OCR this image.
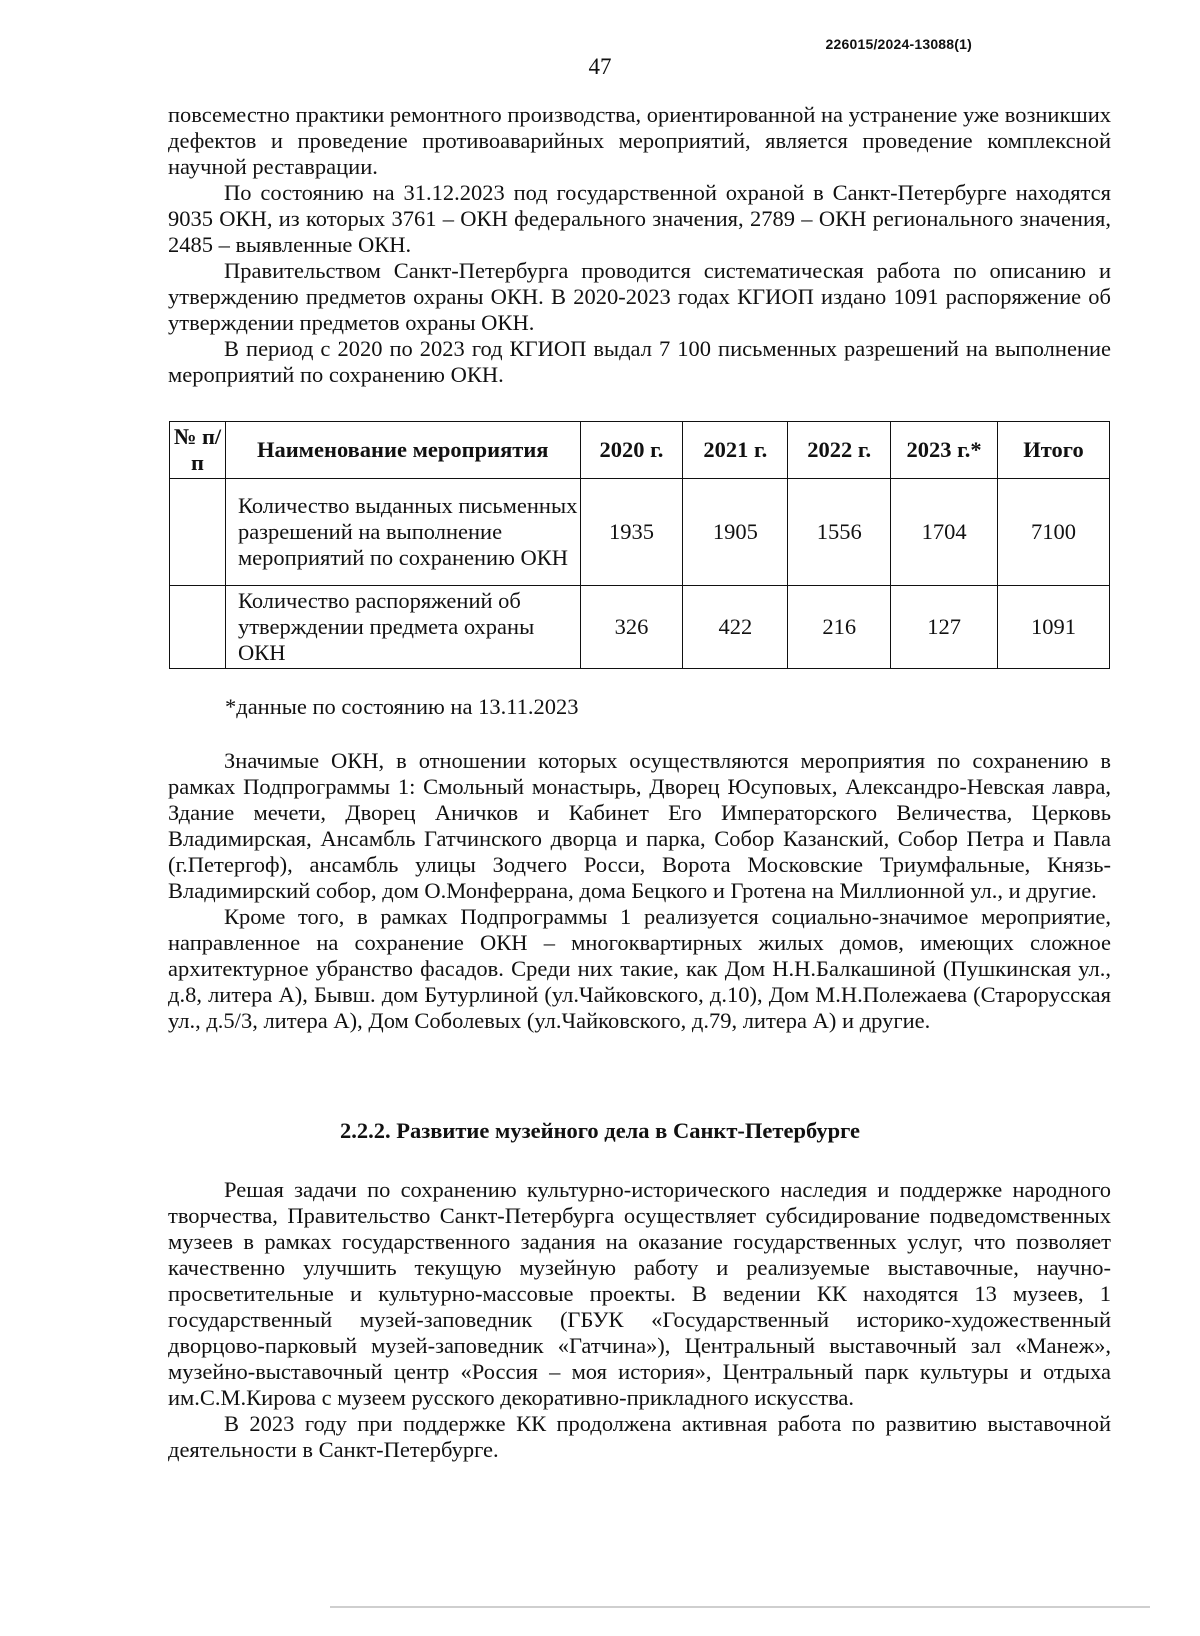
226015/2024-13088(1)
47

повсеместно практики ремонтного производства, ориентированной на устранение уже возникших дефектов и проведение противоаварийных мероприятий, является проведение комплексной научной реставрации.

По состоянию на 31.12.2023 под государственной охраной в Санкт-Петербурге находятся 9035 ОКН, из которых 3761 – ОКН федерального значения, 2789 – ОКН регионального значения, 2485 – выявленные ОКН.

Правительством Санкт-Петербурга проводится систематическая работа по описанию и утверждению предметов охраны ОКН. В 2020-2023 годах КГИОП издано 1091 распоряжение об утверждении предметов охраны ОКН.

В период с 2020 по 2023 год КГИОП выдал 7 100 письменных разрешений на выполнение мероприятий по сохранению ОКН.

№ п/п	Наименование мероприятия	2020 г.	2021 г.	2022 г.	2023 г.*	Итого
	Количество выданных письменных разрешений на выполнение мероприятий по сохранению ОКН	1935	1905	1556	1704	7100
	Количество распоряжений об утверждении предмета охраны ОКН	326	422	216	127	1091
*данные по состоянию на 13.11.2023

Значимые ОКН, в отношении которых осуществляются мероприятия по сохранению в рамках Подпрограммы 1: Смольный монастырь, Дворец Юсуповых, Александро-Невская лавра, Здание мечети, Дворец Аничков и Кабинет Его Императорского Величества, Церковь Владимирская, Ансамбль Гатчинского дворца и парка, Собор Казанский, Собор Петра и Павла (г.Петергоф), ансамбль улицы Зодчего Росси, Ворота Московские Триумфальные, Князь-Владимирский собор, дом О.Монферрана, дома Бецкого и Гротена на Миллионной ул., и другие.

Кроме того, в рамках Подпрограммы 1 реализуется социально-значимое мероприятие, направленное на сохранение ОКН – многоквартирных жилых домов, имеющих сложное архитектурное убранство фасадов. Среди них такие, как Дом Н.Н.Балкашиной (Пушкинская ул., д.8, литера А), Бывш. дом Бутурлиной (ул.Чайковского, д.10), Дом М.Н.Полежаева (Старорусская ул., д.5/3, литера А), Дом Соболевых (ул.Чайковского, д.79, литера А) и другие.

2.2.2. Развитие музейного дела в Санкт-Петербурге

Решая задачи по сохранению культурно-исторического наследия и поддержке народного творчества, Правительство Санкт-Петербурга осуществляет субсидирование подведомственных музеев в рамках государственного задания на оказание государственных услуг, что позволяет качественно улучшить текущую музейную работу и реализуемые выставочные, научно-просветительные и культурно-массовые проекты. В ведении КК находятся 13 музеев, 1 государственный музей-заповедник (ГБУК «Государственный историко-художественный дворцово-парковый музей-заповедник «Гатчина»), Центральный выставочный зал «Манеж», музейно-выставочный центр «Россия – моя история», Центральный парк культуры и отдыха им.С.М.Кирова с музеем русского декоративно-прикладного искусства.

В 2023 году при поддержке КК продолжена активная работа по развитию выставочной деятельности в Санкт-Петербурге.
